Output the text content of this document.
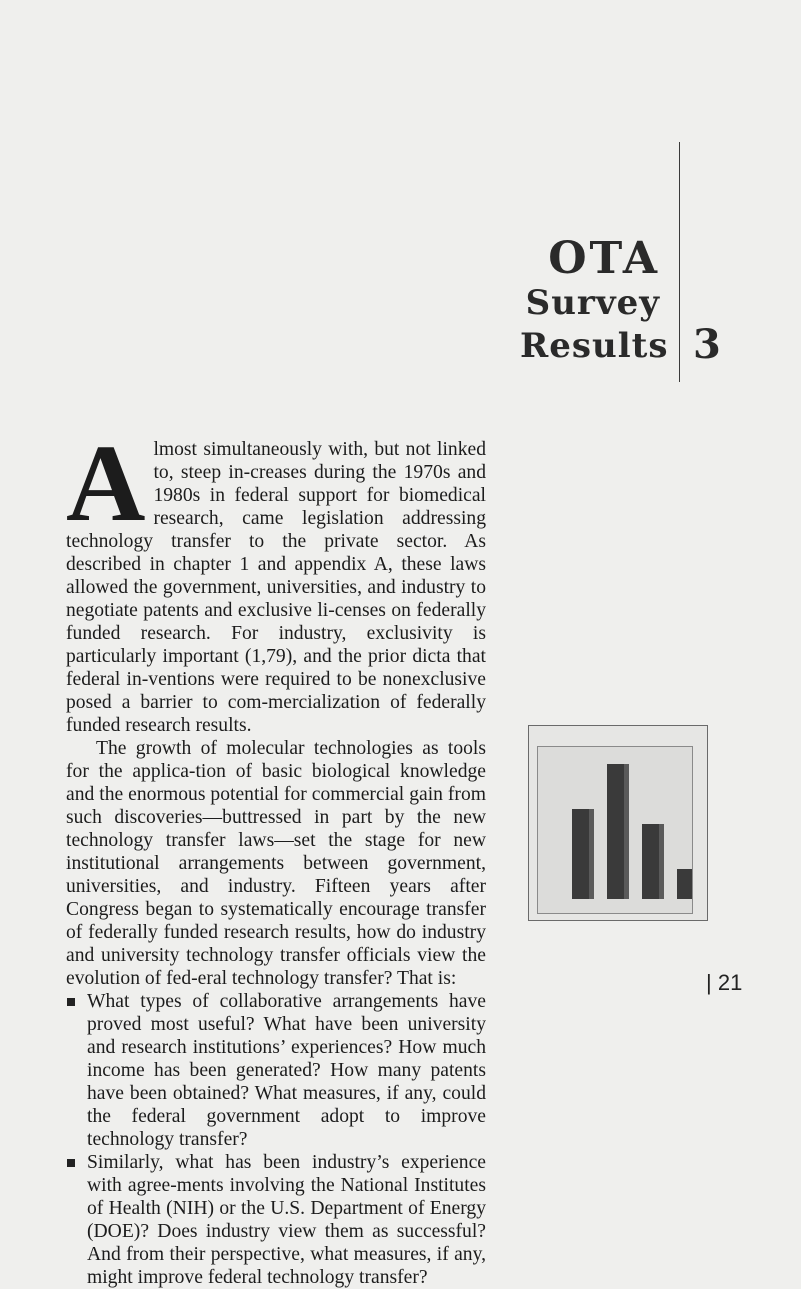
OTA
Survey
Results 3

Almost simultaneously with, but not linked to, steep in-creases during the 1970s and 1980s in federal support for biomedical research, came legislation addressing technology transfer to the private sector. As described in chapter 1 and appendix A, these laws allowed the government, universities, and industry to negotiate patents and exclusive li-censes on federally funded research. For industry, exclusivity is particularly important (1,79), and the prior dicta that federal in-ventions were required to be nonexclusive posed a barrier to com-mercialization of federally funded research results.

The growth of molecular technologies as tools for the applica-tion of basic biological knowledge and the enormous potential for commercial gain from such discoveries—buttressed in part by the new technology transfer laws—set the stage for new institutional arrangements between government, universities, and industry. Fifteen years after Congress began to systematically encourage transfer of federally funded research results, how do industry and university technology transfer officials view the evolution of fed-eral technology transfer? That is:

What types of collaborative arrangements have proved most useful? What have been university and research institutions’ experiences? How much income has been generated? How many patents have been obtained? What measures, if any, could the federal government adopt to improve technology transfer?
Similarly, what has been industry’s experience with agree-ments involving the National Institutes of Health (NIH) or the U.S. Department of Energy (DOE)? Does industry view them as successful? And from their perspective, what measures, if any, might improve federal technology transfer?
| 21
